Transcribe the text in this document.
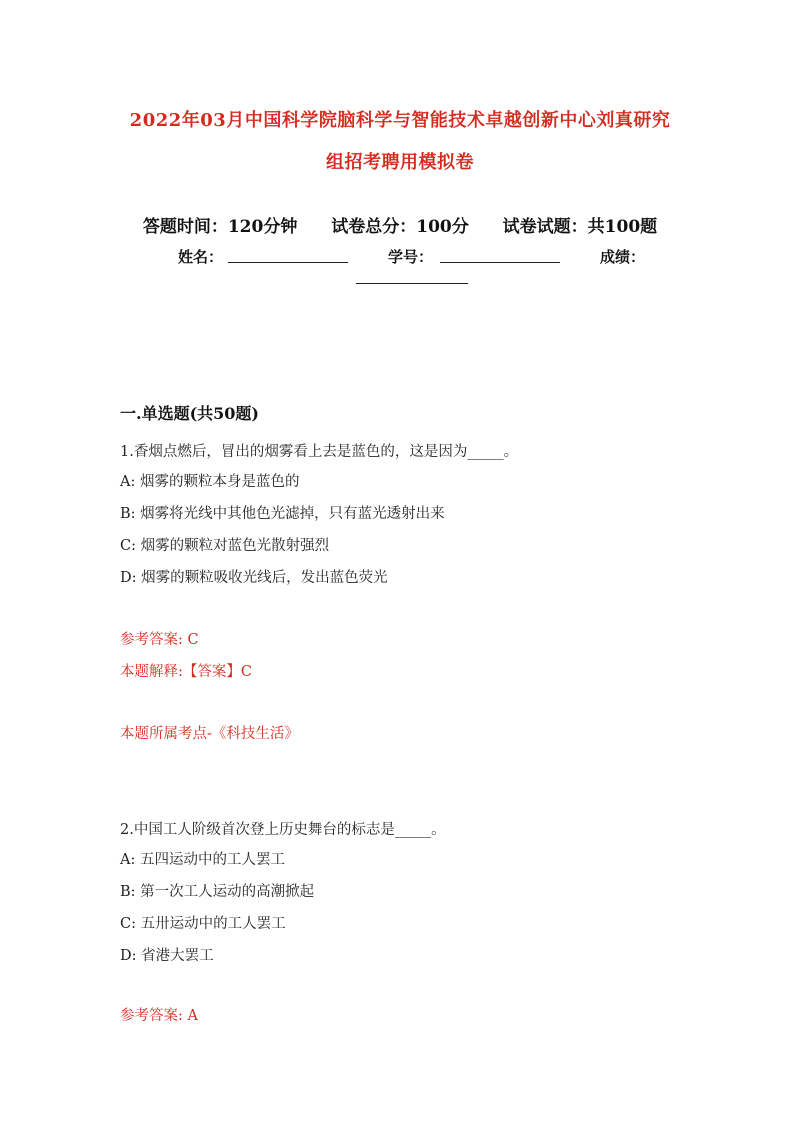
2022年03月中国科学院脑科学与智能技术卓越创新中心刘真研究
组招考聘用模拟卷
答题时间：120分钟 试卷总分：100分 试卷试题：共100题
姓名：	学号：	成绩：
一.单选题(共50题)
1.香烟点燃后，冒出的烟雾看上去是蓝色的，这是因为_____。
A: 烟雾的颗粒本身是蓝色的
B: 烟雾将光线中其他色光滤掉，只有蓝光透射出来
C: 烟雾的颗粒对蓝色光散射强烈
D: 烟雾的颗粒吸收光线后，发出蓝色荧光
参考答案: C
本题解释:【答案】C
本题所属考点-《科技生活》
2.中国工人阶级首次登上历史舞台的标志是_____。
A: 五四运动中的工人罢工
B: 第一次工人运动的高潮掀起
C: 五卅运动中的工人罢工
D: 省港大罢工
参考答案: A
